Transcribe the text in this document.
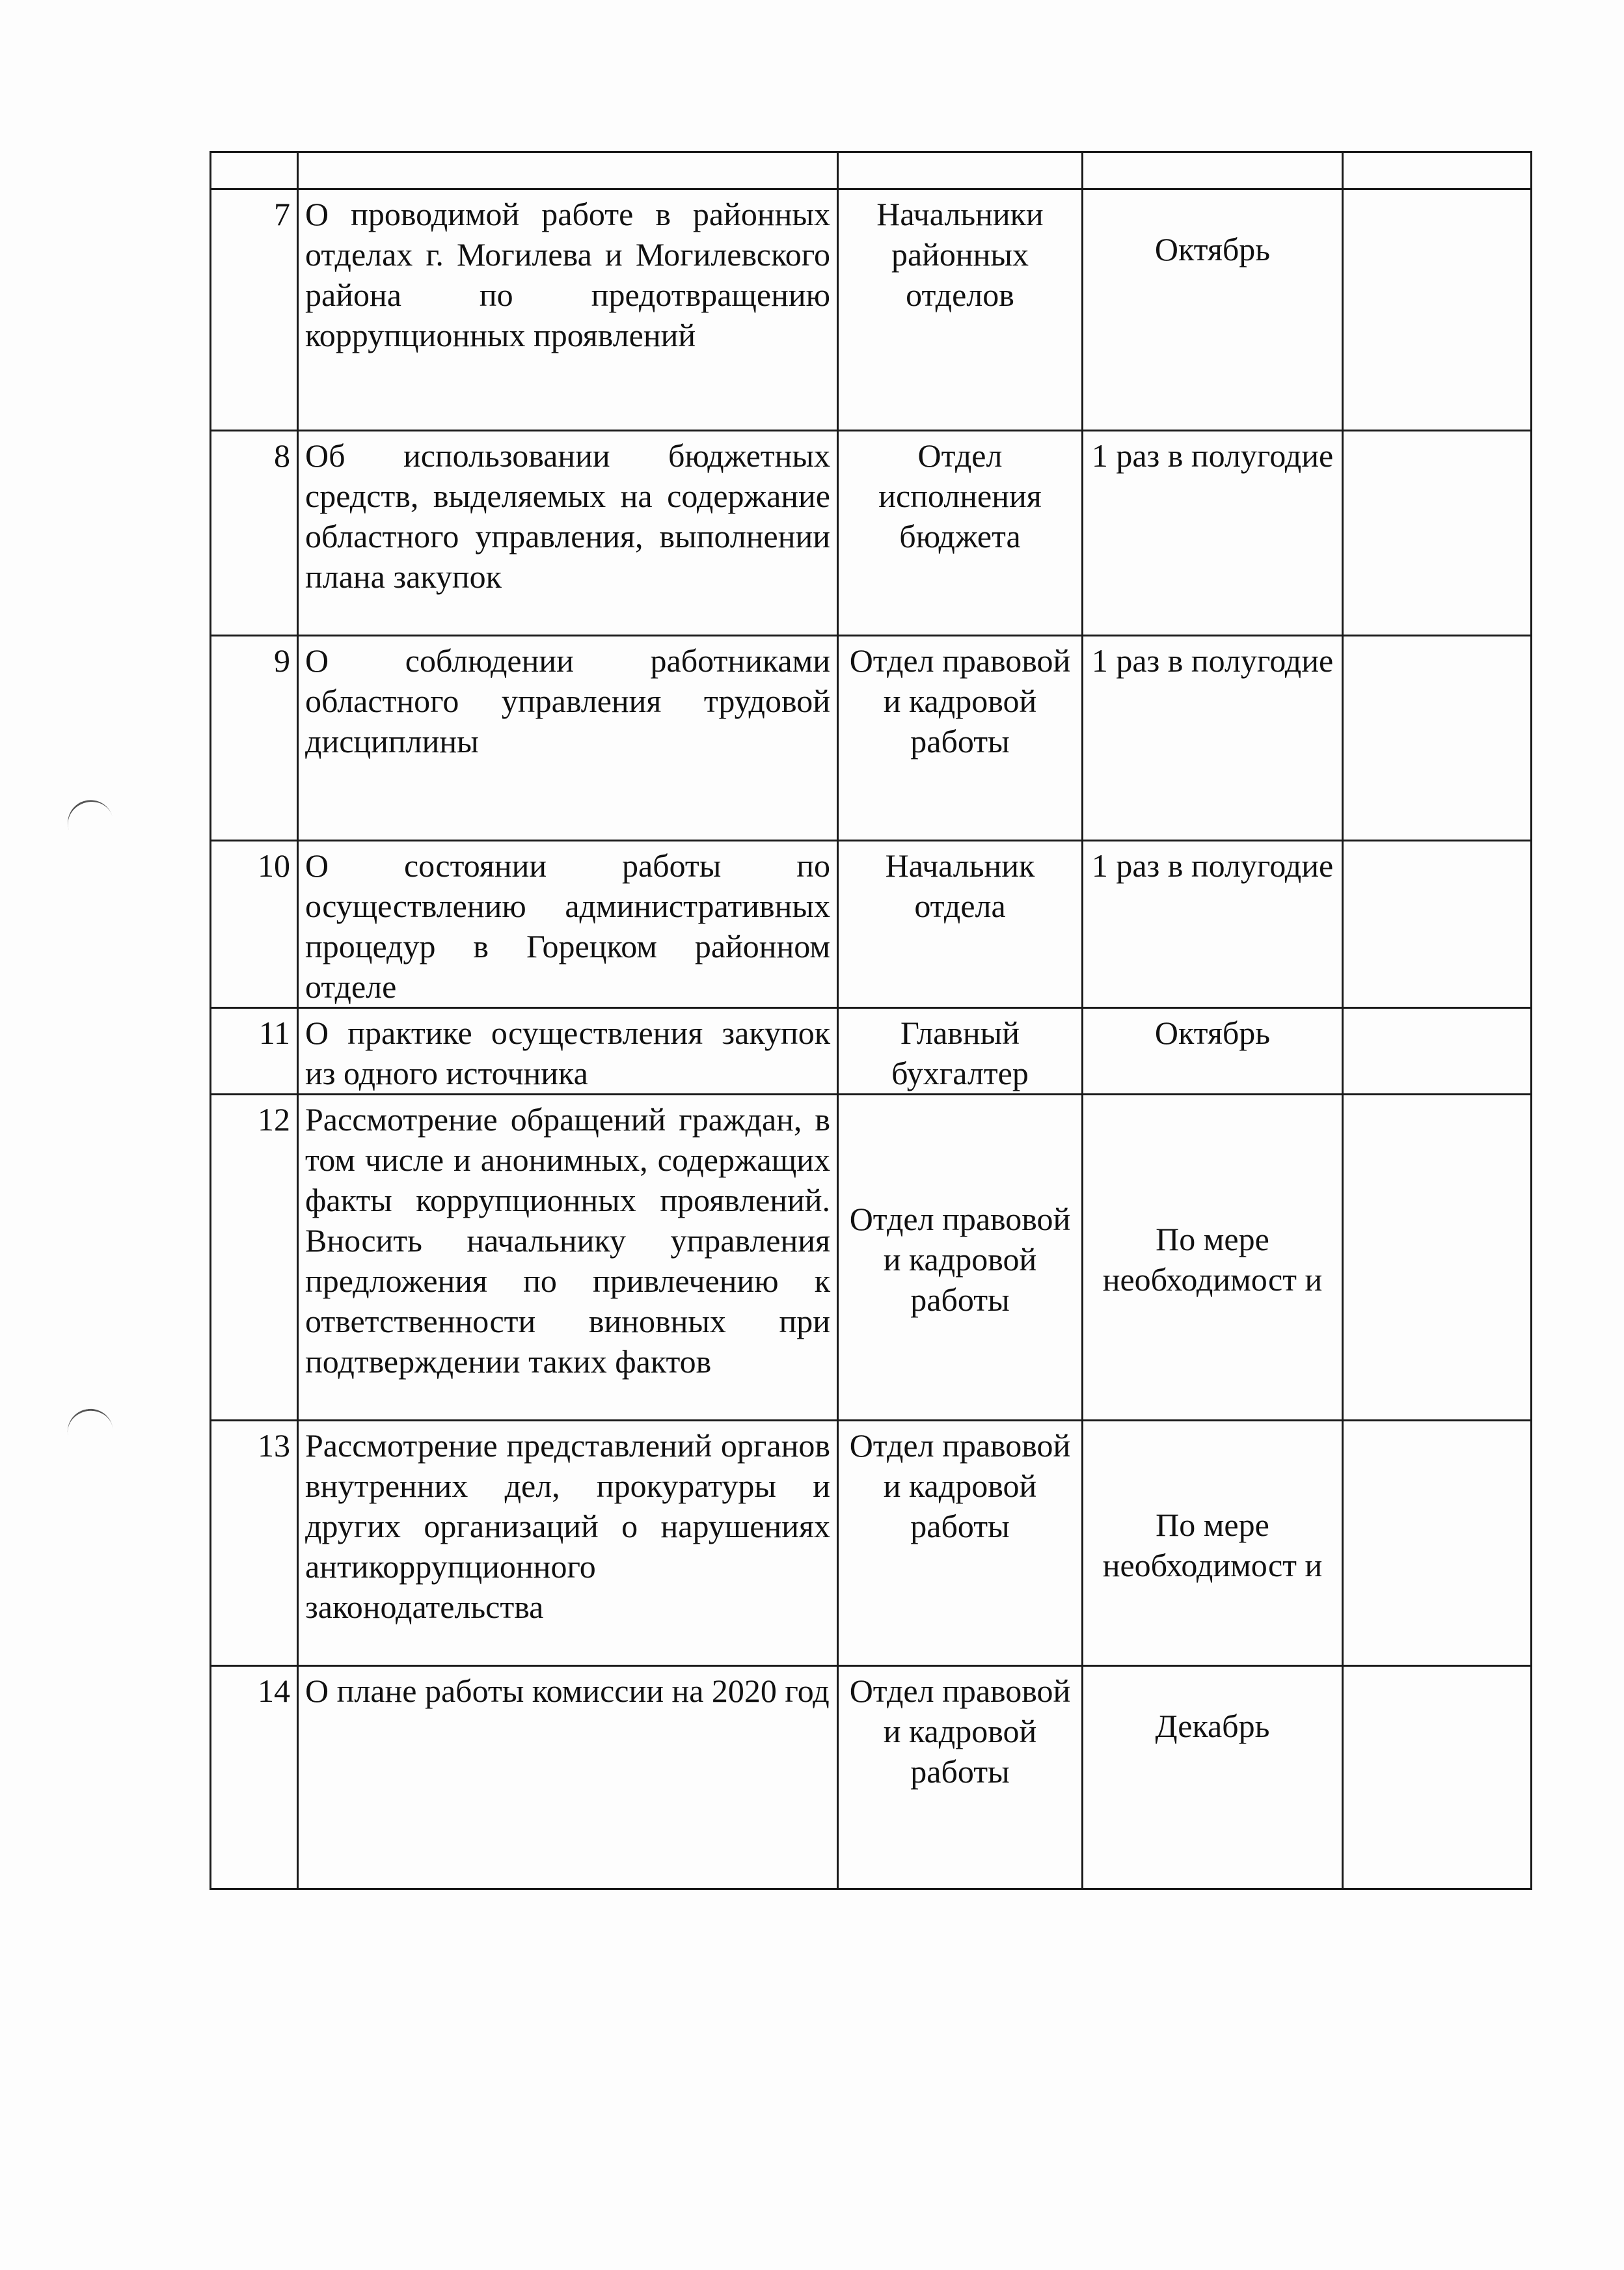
7	О проводимой работе в районных отделах г. Могилева и Могилевского района по предотвращению коррупционных проявлений	Начальники районных отделов	Октябрь	
8	Об использовании бюджетных средств, выделяемых на содержание областного управления, выполнении плана закупок	Отдел исполнения бюджета	1 раз в полугодие	
9	О соблюдении работниками областного управления трудовой дисциплины	Отдел правовой и кадровой работы	1 раз в полугодие	
10	О состоянии работы по осуществлению административных процедур в Горецком районном отделе	Начальник отдела	1 раз в полугодие	
11	О практике осуществления закупок из одного источника	Главный бухгалтер	Октябрь	
12	Рассмотрение обращений граждан, в том числе и анонимных, содержащих факты коррупционных проявлений. Вносить начальнику управления предложения по привлечению к ответственности виновных при подтверждении таких фактов	Отдел правовой и кадровой работы	По мере необходимост и	
13	Рассмотрение представлений органов внутренних дел, прокуратуры и других организаций о нарушениях антикоррупционного законодательства	Отдел правовой и кадровой работы	По мере необходимост и	
14	О плане работы комиссии на 2020 год	Отдел правовой и кадровой работы	Декабрь	
